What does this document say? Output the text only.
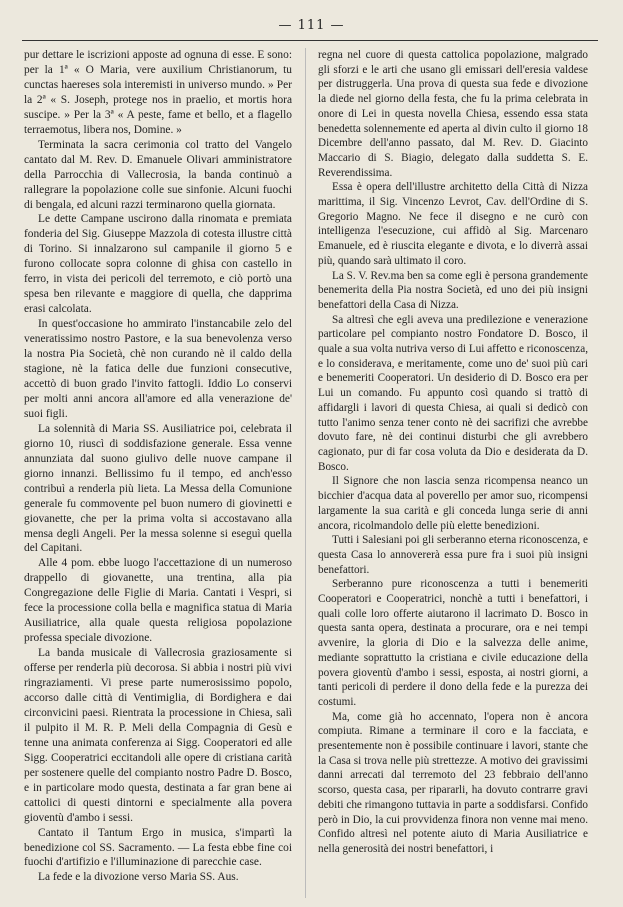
— 111 —

pur dettare le iscrizioni apposte ad ognuna di esse. E sono: per la 1ª « O Maria, vere auxilium Christianorum, tu cunctas haereses sola interemisti in universo mundo. » Per la 2ª « S. Joseph, protege nos in praelio, et mortis hora suscipe. » Per la 3ª « A peste, fame et bello, et a flagello terraemotus, libera nos, Domine. »

Terminata la sacra cerimonia col tratto del Vangelo cantato dal M. Rev. D. Emanuele Olivari amministratore della Parrocchia di Vallecrosia, la banda continuò a rallegrare la popolazione colle sue sinfonie. Alcuni fuochi di bengala, ed alcuni razzi terminarono quella giornata.

Le dette Campane uscirono dalla rinomata e premiata fonderia del Sig. Giuseppe Mazzola di cotesta illustre città di Torino. Si innalzarono sul campanile il giorno 5 e furono collocate sopra colonne di ghisa con castello in ferro, in vista dei pericoli del terremoto, e ciò portò una spesa ben rilevante e maggiore di quella, che dapprima erasi calcolata.

In quest'occasione ho ammirato l'instancabile zelo del veneratissimo nostro Pastore, e la sua benevolenza verso la nostra Pia Società, chè non curando nè il caldo della stagione, nè la fatica delle due funzioni consecutive, accettò di buon grado l'invito fattogli. Iddio Lo conservi per molti anni ancora all'amore ed alla venerazione de' suoi figli.

La solennità di Maria SS. Ausiliatrice poi, celebrata il giorno 10, riuscì di soddisfazione generale. Essa venne annunziata dal suono giulivo delle nuove campane il giorno innanzi. Bellissimo fu il tempo, ed anch'esso contribuì a renderla più lieta. La Messa della Comunione generale fu commovente pel buon numero di giovinetti e giovanette, che per la prima volta si accostavano alla mensa degli Angeli. Per la messa solenne si eseguì quella del Capitani.

Alle 4 pom. ebbe luogo l'accettazione di un numeroso drappello di giovanette, una trentina, alla pia Congregazione delle Figlie di Maria. Cantati i Vespri, si fece la processione colla bella e magnifica statua di Maria Ausiliatrice, alla quale questa religiosa popolazione professa speciale divozione.

La banda musicale di Vallecrosia graziosamente si offerse per renderla più decorosa. Si abbia i nostri più vivi ringraziamenti. Vi prese parte numerosissimo popolo, accorso dalle città di Ventimiglia, di Bordighera e dai circonvicini paesi. Rientrata la processione in Chiesa, salì il pulpito il M. R. P. Meli della Compagnia di Gesù e tenne una animata conferenza ai Sigg. Cooperatori ed alle Sigg. Cooperatrici eccitandoli alle opere di cristiana carità per sostenere quelle del compianto nostro Padre D. Bosco, e in particolare modo questa, destinata a far gran bene ai cattolici di questi dintorni e specialmente alla povera gioventù d'ambo i sessi.

Cantato il Tantum Ergo in musica, s'impartì la benedizione col SS. Sacramento. — La festa ebbe fine coi fuochi d'artifizio e l'illuminazione di parecchie case.

La fede e la divozione verso Maria SS. Aus.

regna nel cuore di questa cattolica popolazione, malgrado gli sforzi e le arti che usano gli emissari dell'eresia valdese per distruggerla. Una prova di questa sua fede e divozione la diede nel giorno della festa, che fu la prima celebrata in onore di Lei in questa novella Chiesa, essendo essa stata benedetta solennemente ed aperta al divin culto il giorno 18 Dicembre dell'anno passato, dal M. Rev. D. Giacinto Maccario di S. Biagio, delegato dalla suddetta S. E. Reverendissima.

Essa è opera dell'illustre architetto della Città di Nizza marittima, il Sig. Vincenzo Levrot, Cav. dell'Ordine di S. Gregorio Magno. Ne fece il disegno e ne curò con intelligenza l'esecuzione, cui affidò al Sig. Marcenaro Emanuele, ed è riuscita elegante e divota, e lo diverrà assai più, quando sarà ultimato il coro.

La S. V. Rev.ma ben sa come egli è persona grandemente benemerita della Pia nostra Società, ed uno dei più insigni benefattori della Casa di Nizza.

Sa altresì che egli aveva una predilezione e venerazione particolare pel compianto nostro Fondatore D. Bosco, il quale a sua volta nutriva verso di Lui affetto e riconoscenza, e lo considerava, e meritamente, come uno de' suoi più cari e benemeriti Cooperatori. Un desiderio di D. Bosco era per Lui un comando. Fu appunto così quando si trattò di affidargli i lavori di questa Chiesa, ai quali si dedicò con tutto l'animo senza tener conto nè dei sacrifizi che avrebbe dovuto fare, nè dei continui disturbi che gli avrebbero cagionato, pur di far cosa voluta da Dio e desiderata da D. Bosco.

Il Signore che non lascia senza ricompensa neanco un bicchier d'acqua data al poverello per amor suo, ricompensi largamente la sua carità e gli conceda lunga serie di anni ancora, ricolmandolo delle più elette benedizioni.

Tutti i Salesiani poi gli serberanno eterna riconoscenza, e questa Casa lo annovererà essa pure fra i suoi più insigni benefattori.

Serberanno pure riconoscenza a tutti i benemeriti Cooperatori e Cooperatrici, nonchè a tutti i benefattori, i quali colle loro offerte aiutarono il lacrimato D. Bosco in questa santa opera, destinata a procurare, ora e nei tempi avvenire, la gloria di Dio e la salvezza delle anime, mediante soprattutto la cristiana e civile educazione della povera gioventù d'ambo i sessi, esposta, ai nostri giorni, a tanti pericoli di perdere il dono della fede e la purezza dei costumi.

Ma, come già ho accennato, l'opera non è ancora compiuta. Rimane a terminare il coro e la facciata, e presentemente non è possibile continuare i lavori, stante che la Casa si trova nelle più strettezze. A motivo dei gravissimi danni arrecati dal terremoto del 23 febbraio dell'anno scorso, questa casa, per ripararli, ha dovuto contrarre gravi debiti che rimangono tuttavia in parte a soddisfarsi. Confido però in Dio, la cui provvidenza finora non venne mai meno. Confido altresì nel potente aiuto di Maria Ausiliatrice e nella generosità dei nostri benefattori, i
